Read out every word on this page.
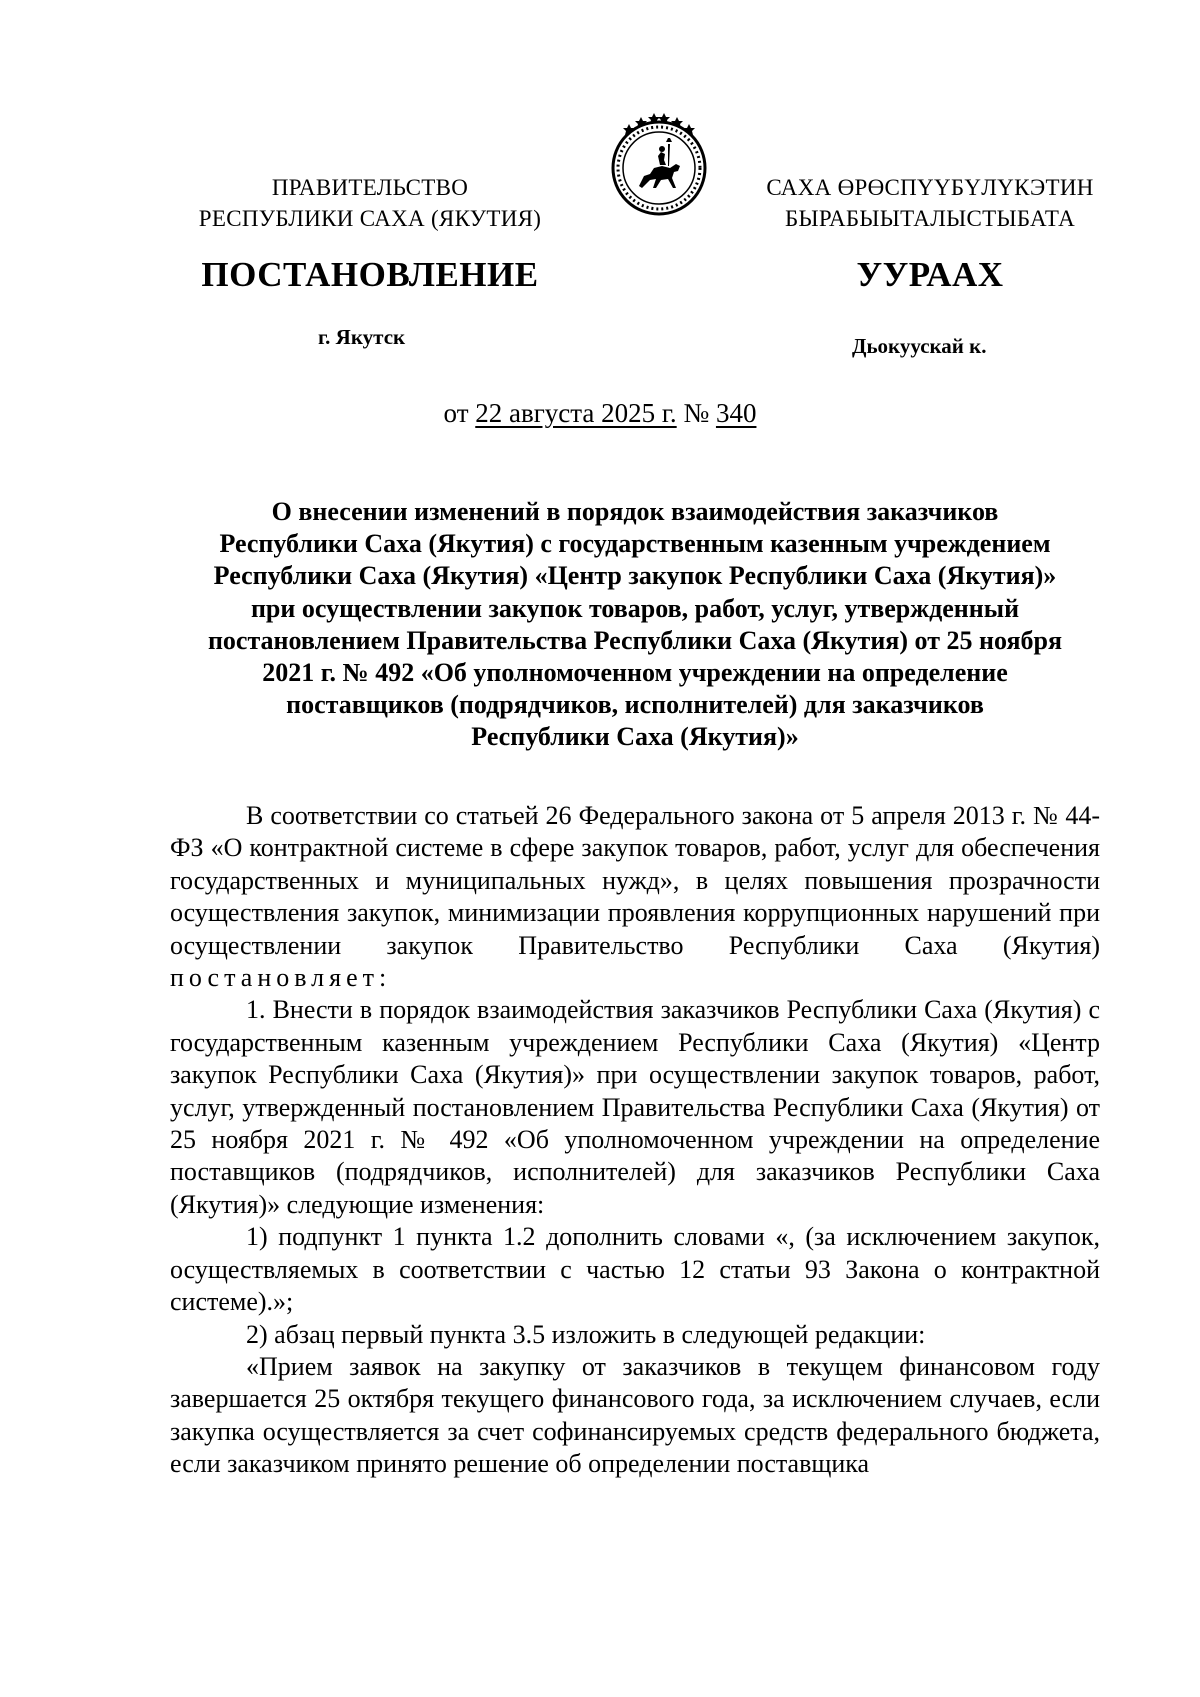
ПРАВИТЕЛЬСТВО
РЕСПУБЛИКИ САХА (ЯКУТИЯ)
САХА ӨРӨСПҮҮБҮЛҮКЭТИН
БЫРАБЫЫТАЛЫСТЫБАТА
ПОСТАНОВЛЕНИЕ	УУРААХ
г. Якутск	Дьокуускай к.
от 22 августа 2025 г. № 340
О внесении изменений в порядок взаимодействия заказчиков
Республики Саха (Якутия) с государственным казенным учреждением
Республики Саха (Якутия) «Центр закупок Республики Саха (Якутия)»
при осуществлении закупок товаров, работ, услуг, утвержденный
постановлением Правительства Республики Саха (Якутия) от 25 ноября
2021 г. № 492 «Об уполномоченном учреждении на определение
поставщиков (подрядчиков, исполнителей) для заказчиков
Республики Саха (Якутия)»

В соответствии со статьей 26 Федерального закона от 5 апреля 2013 г. № 44-ФЗ «О контрактной системе в сфере закупок товаров, работ, услуг для обеспечения государственных и муниципальных нужд», в целях повышения прозрачности осуществления закупок, минимизации проявления коррупционных нарушений при осуществлении закупок Правительство Республики Саха (Якутия) постановляет:

1. Внести в порядок взаимодействия заказчиков Республики Саха (Якутия) с государственным казенным учреждением Республики Саха (Якутия) «Центр закупок Республики Саха (Якутия)» при осуществлении закупок товаров, работ, услуг, утвержденный постановлением Правительства Республики Саха (Якутия) от 25 ноября 2021 г. № 492 «Об уполномоченном учреждении на определение поставщиков (подрядчиков, исполнителей) для заказчиков Республики Саха (Якутия)» следующие изменения:

1) подпункт 1 пункта 1.2 дополнить словами «, (за исключением закупок, осуществляемых в соответствии с частью 12 статьи 93 Закона о контрактной системе).»;

2) абзац первый пункта 3.5 изложить в следующей редакции:

«Прием заявок на закупку от заказчиков в текущем финансовом году завершается 25 октября текущего финансового года, за исключением случаев, если закупка осуществляется за счет софинансируемых средств федерального бюджета, если заказчиком принято решение об определении поставщика
